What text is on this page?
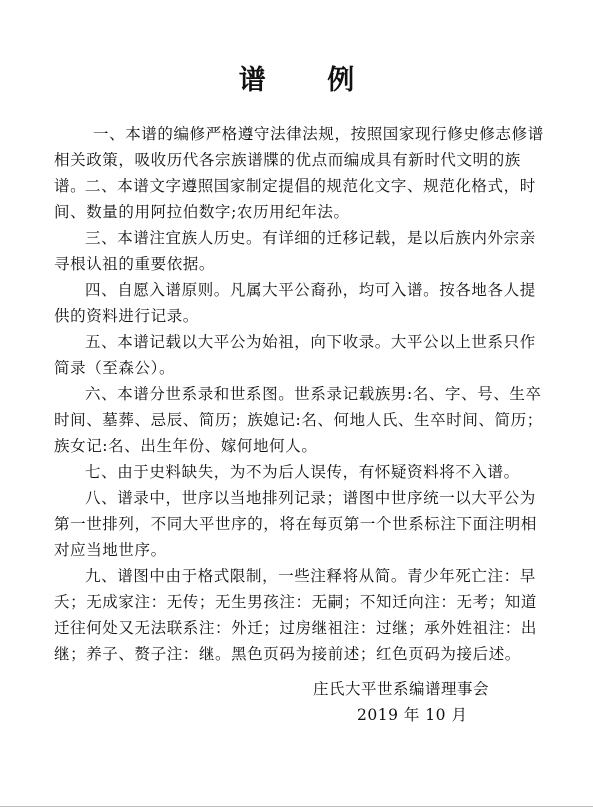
谱 例
一、本谱的编修严格遵守法律法规，按照国家现行修史修志修谱相关政策，吸收历代各宗族谱牒的优点而编成具有新时代文明的族谱。
二、本谱文字遵照国家制定提倡的规范化文字、规范化格式，时间、数量的用阿拉伯数字;农历用纪年法。
三、本谱注宜族人历史。有详细的迁移记载，是以后族内外宗亲寻根认祖的重要依据。
四、自愿入谱原则。凡属大平公裔孙，均可入谱。按各地各人提供的资料进行记录。
五、本谱记载以大平公为始祖，向下收录。大平公以上世系只作简录（至森公）。
六、本谱分世系录和世系图。世系录记载族男:名、字、号、生卒时间、墓葬、忌辰、简历；族媳记:名、何地人氏、生卒时间、简历；族女记:名、出生年份、嫁何地何人。
七、由于史料缺失，为不为后人误传，有怀疑资料将不入谱。
八、谱录中，世序以当地排列记录；谱图中世序统一以大平公为第一世排列，不同大平世序的，将在每页第一个世系标注下面注明相对应当地世序。
九、谱图中由于格式限制，一些注释将从简。青少年死亡注：早夭；无成家注：无传；无生男孩注：无嗣；不知迁向注：无考；知道迁往何处又无法联系注：外迁；过房继祖注：过继；承外姓祖注：出继；养子、赘子注：继。黑色页码为接前述；红色页码为接后述。
庄氏大平世系编谱理事会
2019 年 10 月
